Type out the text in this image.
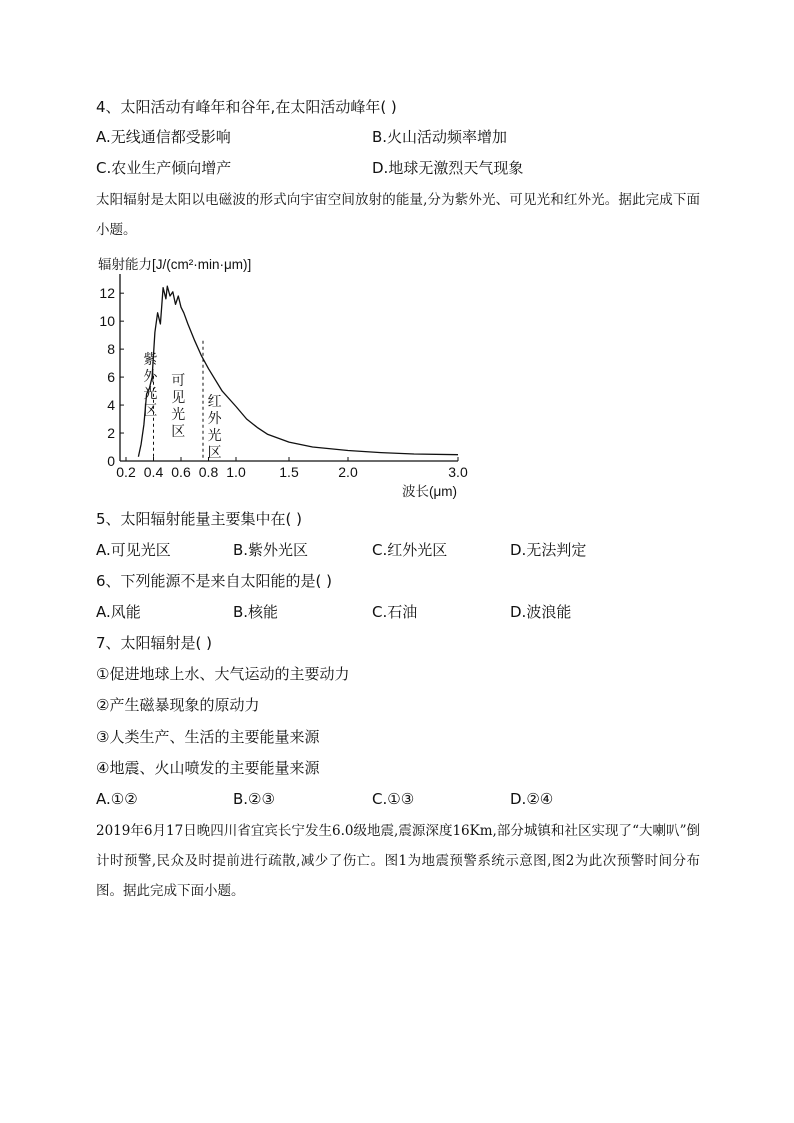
4、太阳活动有峰年和谷年,在太阳活动峰年( )
A.无线通信都受影响	B.火山活动频率增加
C.农业生产倾向增产	D.地球无激烈天气现象
太阳辐射是太阳以电磁波的形式向宇宙空间放射的能量,分为紫外光、可见光和红外光。据此完成下面小题。
辐射能力[J/(cm²·min·μm)]
0
2
4
6
8
10
12
0.2 0.4 0.6 0.8 1.0 1.5	2.0	3.0
紫外光区
可见光区
红外光区
波长(μm)
5、太阳辐射能量主要集中在( )
A.可见光区	B.紫外光区	C.红外光区	D.无法判定
6、下列能源不是来自太阳能的是( )
A.风能	B.核能	C.石油	D.波浪能
7、太阳辐射是( )
①促进地球上水、大气运动的主要动力
②产生磁暴现象的原动力
③人类生产、生活的主要能量来源
④地震、火山喷发的主要能量来源
A.①②	B.②③	C.①③	D.②④
2019年6月17日晚四川省宜宾长宁发生6.0级地震,震源深度16Km,部分城镇和社区实现了“大喇叭”倒计时预警,民众及时提前进行疏散,减少了伤亡。图1为地震预警系统示意图,图2为此次预警时间分布图。据此完成下面小题。
